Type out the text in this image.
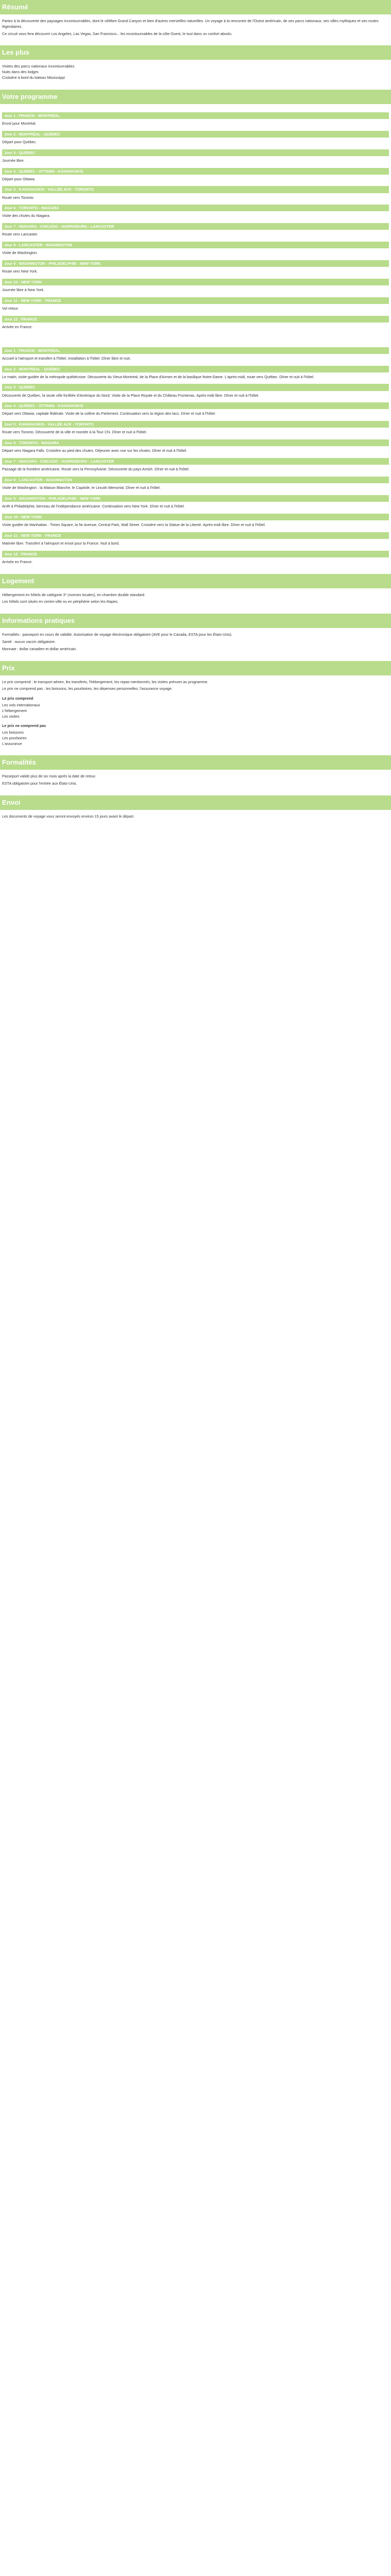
Résumé

Partez à la découverte des paysages incontournables, dont le célèbre Grand Canyon et bien d'autres merveilles naturelles. Un voyage à la rencontre de l'Ouest américain, de ses parcs nationaux, ses villes mythiques et ses routes légendaires.

Ce circuit vous fera découvrir Los Angeles, Las Vegas, San Francisco... les incontournables de la côte Ouest, le tout dans un confort absolu.

Les plus
Visites des parcs nationaux incontournables
Nuits dans des lodges
Croisière à bord du bateau Mississippi
Votre programme
Jour 1 : FRANCE - MONTRÉAL

Envol pour Montréal.

Jour 2 : MONTRÉAL - QUÉBEC

Départ pour Québec.

Jour 3 : QUÉBEC

Journée libre.

Jour 4 : QUÉBEC - OTTAWA - KANANASKIS

Départ pour Ottawa.

Jour 5 : KANANASKIS - VALLÉE AUX - TORONTO

Route vers Toronto.

Jour 6 : TORONTO - NIAGARA

Visite des chutes du Niagara.

Jour 7 : NIAGARA - CHICAGO - HARRISBURG - LANCASTER

Route vers Lancaster.

Jour 8 : LANCASTER - WASHINGTON

Visite de Washington.

Jour 9 : WASHINGTON - PHILADELPHIE - NEW YORK

Route vers New York.

Jour 10 : NEW YORK

Journée libre à New York.

Jour 11 : NEW YORK - FRANCE

Vol retour.

Jour 12 : FRANCE

Arrivée en France.

Jour 1 : FRANCE - MONTRÉAL

Accueil à l'aéroport et transfert à l'hôtel. Installation à l'hôtel. Dîner libre et nuit.

Jour 2 : MONTRÉAL - QUÉBEC

Le matin, visite guidée de la métropole québécoise. Découverte du Vieux-Montréal, de la Place d'Armes et de la basilique Notre-Dame. L'après-midi, route vers Québec. Dîner et nuit à l'hôtel.

Jour 3 : QUÉBEC

Découverte de Québec, la seule ville fortifiée d'Amérique du Nord. Visite de la Place Royale et du Château Frontenac. Après-midi libre. Dîner et nuit à l'hôtel.

Jour 4 : QUÉBEC - OTTAWA - KANANASKIS

Départ vers Ottawa, capitale fédérale. Visite de la colline du Parlement. Continuation vers la région des lacs. Dîner et nuit à l'hôtel.

Jour 5 : KANANASKIS - VALLÉE AUX - TORONTO

Route vers Toronto. Découverte de la ville et montée à la Tour CN. Dîner et nuit à l'hôtel.

Jour 6 : TORONTO - NIAGARA

Départ vers Niagara Falls. Croisière au pied des chutes. Déjeuner avec vue sur les chutes. Dîner et nuit à l'hôtel.

Jour 7 : NIAGARA - CHICAGO - HARRISBURG - LANCASTER

Passage de la frontière américaine. Route vers la Pennsylvanie. Découverte du pays Amish. Dîner et nuit à l'hôtel.

Jour 8 : LANCASTER - WASHINGTON

Visite de Washington : la Maison Blanche, le Capitole, le Lincoln Memorial. Dîner et nuit à l'hôtel.

Jour 9 : WASHINGTON - PHILADELPHIE - NEW YORK

Arrêt à Philadelphie, berceau de l'indépendance américaine. Continuation vers New York. Dîner et nuit à l'hôtel.

Jour 10 : NEW YORK

Visite guidée de Manhattan : Times Square, la 5e Avenue, Central Park, Wall Street. Croisière vers la Statue de la Liberté. Après-midi libre. Dîner et nuit à l'hôtel.

Jour 11 : NEW YORK - FRANCE

Matinée libre. Transfert à l'aéroport et envol pour la France. Nuit à bord.

Jour 12 : FRANCE

Arrivée en France.

Logement

Hébergement en hôtels de catégorie 3* (normes locales), en chambre double standard.

Les hôtels sont situés en centre-ville ou en périphérie selon les étapes.

Informations pratiques

Formalités : passeport en cours de validité. Autorisation de voyage électronique obligatoire (AVE pour le Canada, ESTA pour les États-Unis).

Santé : aucun vaccin obligatoire.

Monnaie : dollar canadien et dollar américain.

Prix

Le prix comprend : le transport aérien, les transferts, l'hébergement, les repas mentionnés, les visites prévues au programme.

Le prix ne comprend pas : les boissons, les pourboires, les dépenses personnelles, l'assurance voyage.

Le prix comprend
Les vols internationaux
L'hébergement
Les visites
Le prix ne comprend pas
Les boissons
Les pourboires
L'assurance
Formalités

Passeport valide plus de six mois après la date de retour.

ESTA obligatoire pour l'entrée aux États-Unis.

Envoi

Les documents de voyage vous seront envoyés environ 15 jours avant le départ.
